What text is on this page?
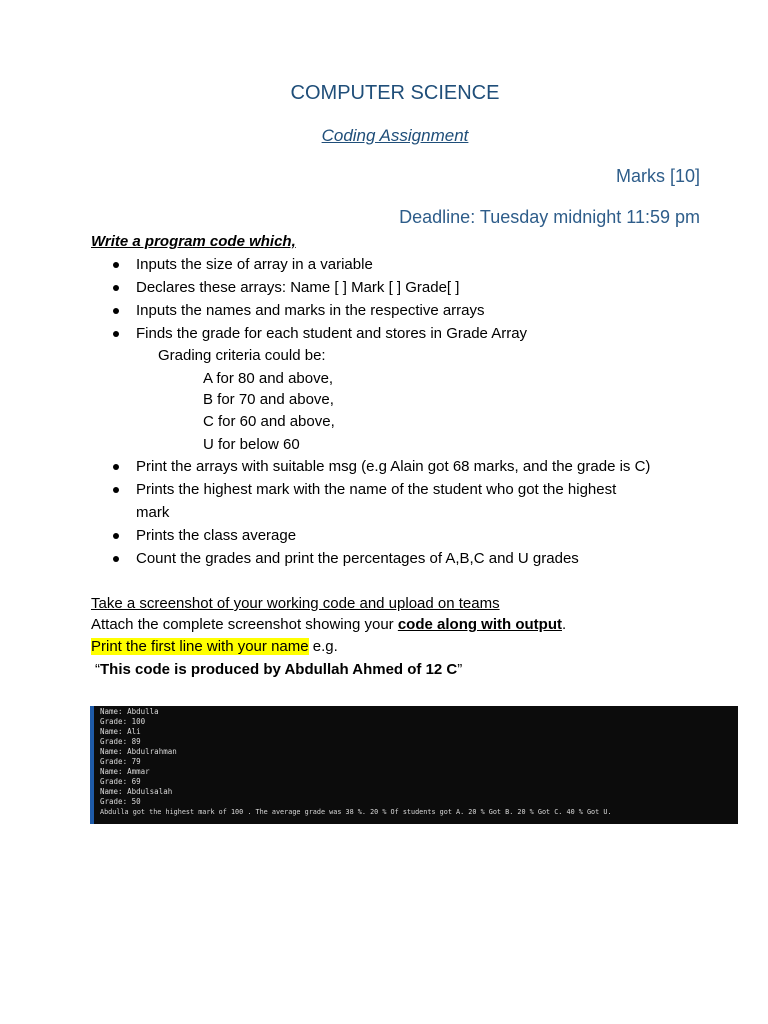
COMPUTER SCIENCE
Coding Assignment
Marks [10]
Deadline: Tuesday midnight 11:59 pm
Write a program code which,
Inputs the size of array in a variable
Declares these arrays: Name [ ] Mark [ ] Grade[ ]
Inputs the names and marks in the respective arrays
Finds the grade for each student and stores in Grade Array
Grading criteria could be:
A for 80 and above,
B for 70 and above,
C for 60 and above,
U for below 60
Print the arrays with suitable msg (e.g Alain got 68 marks, and the grade is C)
Prints the highest mark with the name of the student who got the highest
mark
Prints the class average
Count the grades and print the percentages of A,B,C and U grades
Take a screenshot of your working code and upload on teams
Attach the complete screenshot showing your code along with output.
Print the first line with your name e.g.
“This code is produced by Abdullah Ahmed of 12 C”
Name: Abdulla
Grade: 100
Name: Ali
Grade: 89
Name: Abdulrahman
Grade: 79
Name: Ammar
Grade: 69
Name: Abdulsalah
Grade: 50
Abdulla got the highest mark of 100 . The average grade was 38 %. 20 % Of students got A. 20 % Got B. 20 % Got C. 40 % Got U.
